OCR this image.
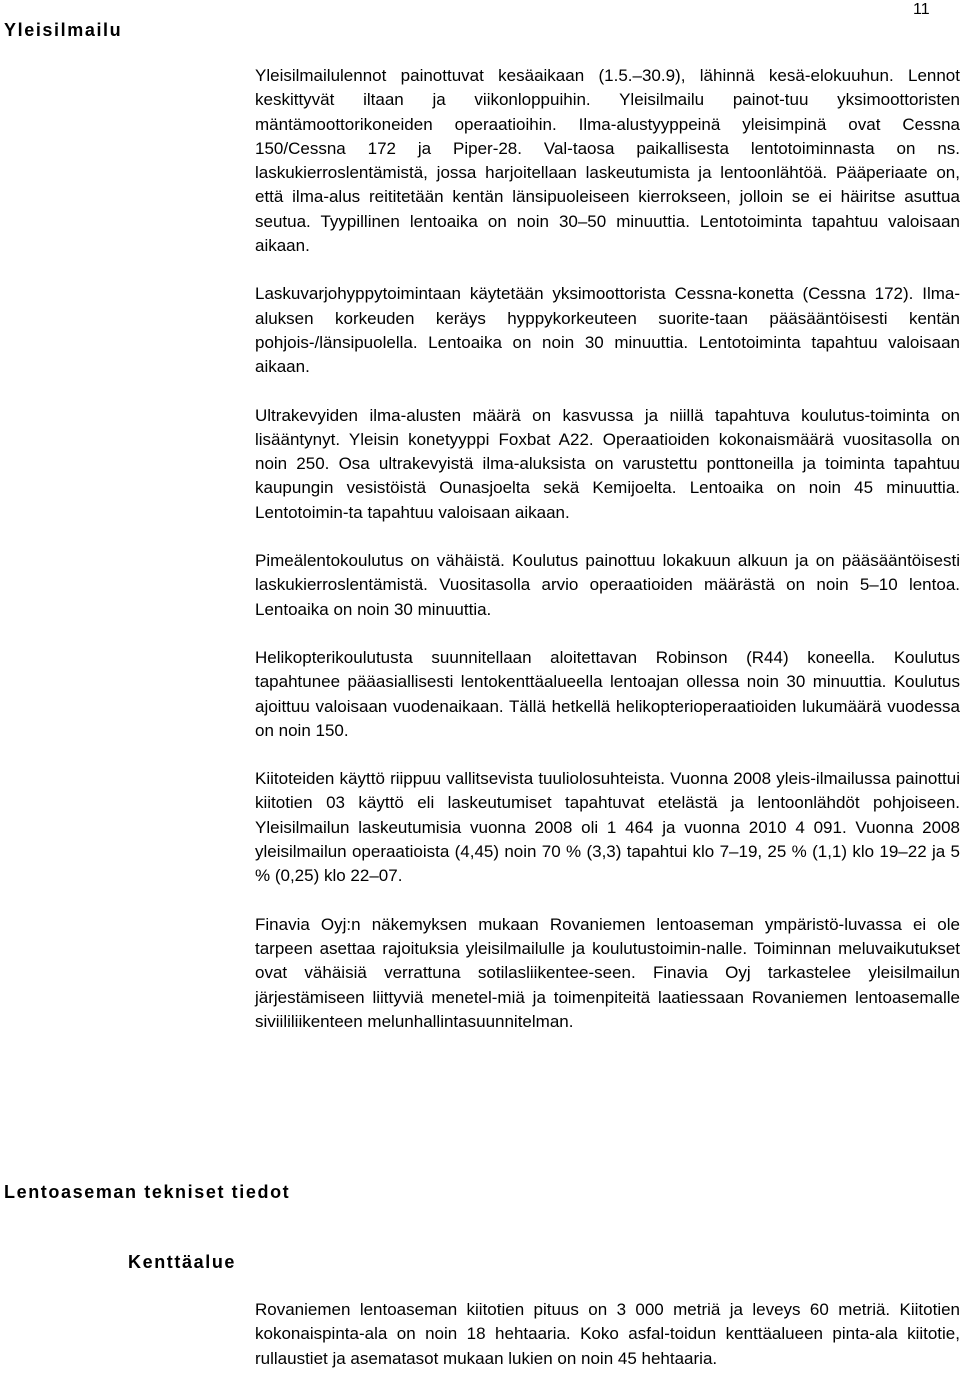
11
Yleisilmailu

Yleisilmailulennot painottuvat kesäaikaan (1.5.–30.9), lähinnä kesä-elokuuhun. Lennot keskittyvät iltaan ja viikonloppuihin. Yleisilmailu painot-tuu yksimoottoristen mäntämoottorikoneiden operaatioihin. Ilma-alustyyppeinä yleisimpinä ovat Cessna 150/Cessna 172 ja Piper-28. Val-taosa paikallisesta lentotoiminnasta on ns. laskukierroslentämistä, jossa harjoitellaan laskeutumista ja lentoonlähtöä. Pääperiaate on, että ilma-alus reititetään kentän länsipuoleiseen kierrokseen, jolloin se ei häiritse asuttua seutua. Tyypillinen lentoaika on noin 30–50 minuuttia. Lentotoiminta tapahtuu valoisaan aikaan.

Laskuvarjohyppytoimintaan käytetään yksimoottorista Cessna-konetta (Cessna 172). Ilma-aluksen korkeuden keräys hyppykorkeuteen suorite-taan pääsääntöisesti kentän pohjois-/länsipuolella. Lentoaika on noin 30 minuuttia. Lentotoiminta tapahtuu valoisaan aikaan.

Ultrakevyiden ilma-alusten määrä on kasvussa ja niillä tapahtuva koulutus-toiminta on lisääntynyt. Yleisin konetyyppi Foxbat A22. Operaatioiden kokonaismäärä vuositasolla on noin 250. Osa ultrakevyistä ilma-aluksista on varustettu ponttoneilla ja toiminta tapahtuu kaupungin vesistöistä Ounasjoelta sekä Kemijoelta. Lentoaika on noin 45 minuuttia. Lentotoimin-ta tapahtuu valoisaan aikaan.

Pimeälentokoulutus on vähäistä. Koulutus painottuu lokakuun alkuun ja on pääsääntöisesti laskukierroslentämistä. Vuositasolla arvio operaatioiden määrästä on noin 5–10 lentoa. Lentoaika on noin 30 minuuttia.

Helikopterikoulutusta suunnitellaan aloitettavan Robinson (R44) koneella. Koulutus tapahtunee pääasiallisesti lentokenttäalueella lentoajan ollessa noin 30 minuuttia. Koulutus ajoittuu valoisaan vuodenaikaan. Tällä hetkellä helikopterioperaatioiden lukumäärä vuodessa on noin 150.

Kiitoteiden käyttö riippuu vallitsevista tuuliolosuhteista. Vuonna 2008 yleis-ilmailussa painottui kiitotien 03 käyttö eli laskeutumiset tapahtuvat etelästä ja lentoonlähdöt pohjoiseen. Yleisilmailun laskeutumisia vuonna 2008 oli 1 464 ja vuonna 2010 4 091. Vuonna 2008 yleisilmailun operaatioista (4,45) noin 70 % (3,3) tapahtui klo 7–19, 25 % (1,1) klo 19–22 ja 5 % (0,25) klo 22–07.

Finavia Oyj:n näkemyksen mukaan Rovaniemen lentoaseman ympäristö-luvassa ei ole tarpeen asettaa rajoituksia yleisilmailulle ja koulutustoimin-nalle. Toiminnan meluvaikutukset ovat vähäisiä verrattuna sotilasliikentee-seen. Finavia Oyj tarkastelee yleisilmailun järjestämiseen liittyviä menetel-miä ja toimenpiteitä laatiessaan Rovaniemen lentoasemalle siviililiikenteen melunhallintasuunnitelman.

Lentoaseman tekniset tiedot
Kenttäalue

Rovaniemen lentoaseman kiitotien pituus on 3 000 metriä ja leveys 60 metriä. Kiitotien kokonaispinta-ala on noin 18 hehtaaria. Koko asfal-toidun kenttäalueen pinta-ala kiitotie, rullaustiet ja asematasot mukaan lukien on noin 45 hehtaaria.
